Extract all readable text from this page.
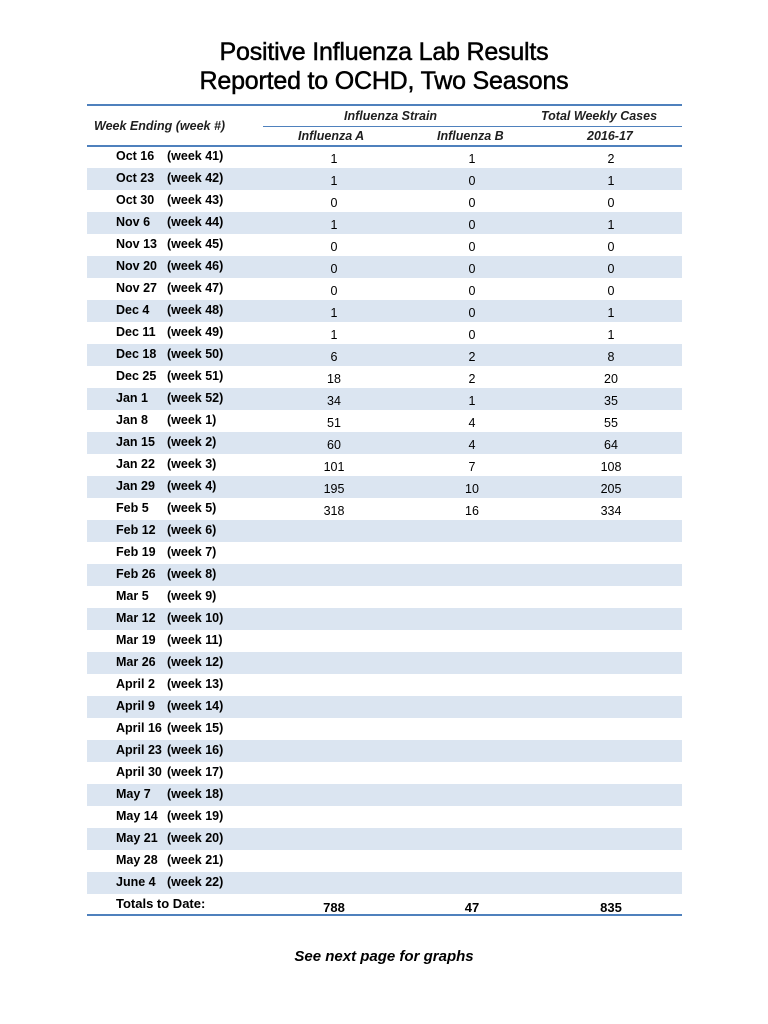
Positive Influenza Lab Results
Reported to OCHD, Two Seasons
Week Ending (week #)
Influenza Strain	Total Weekly Cases
Influenza A	Influenza B	2016-17
Oct 16 (week 41)	1	1	2
Oct 23 (week 42)	1	0	1
Oct 30 (week 43)	0	0	0
Nov 6 (week 44)	1	0	1
Nov 13 (week 45)	0	0	0
Nov 20 (week 46)	0	0	0
Nov 27 (week 47)	0	0	0
Dec 4 (week 48)	1	0	1
Dec 11 (week 49)	1	0	1
Dec 18 (week 50)	6	2	8
Dec 25 (week 51)	18	2	20
Jan 1 (week 52)	34	1	35
Jan 8 (week 1)	51	4	55
Jan 15 (week 2)	60	4	64
Jan 22 (week 3)	101	7	108
Jan 29 (week 4)	195	10	205
Feb 5 (week 5)	318	16	334
Feb 12 (week 6)
Feb 19 (week 7)
Feb 26 (week 8)
Mar 5 (week 9)
Mar 12 (week 10)
Mar 19 (week 11)
Mar 26 (week 12)
April 2 (week 13)
April 9 (week 14)
April 16 (week 15)
April 23 (week 16)
April 30 (week 17)
May 7 (week 18)
May 14 (week 19)
May 21 (week 20)
May 28 (week 21)
June 4 (week 22)
Totals to Date:	788	47	835
See next page for graphs
